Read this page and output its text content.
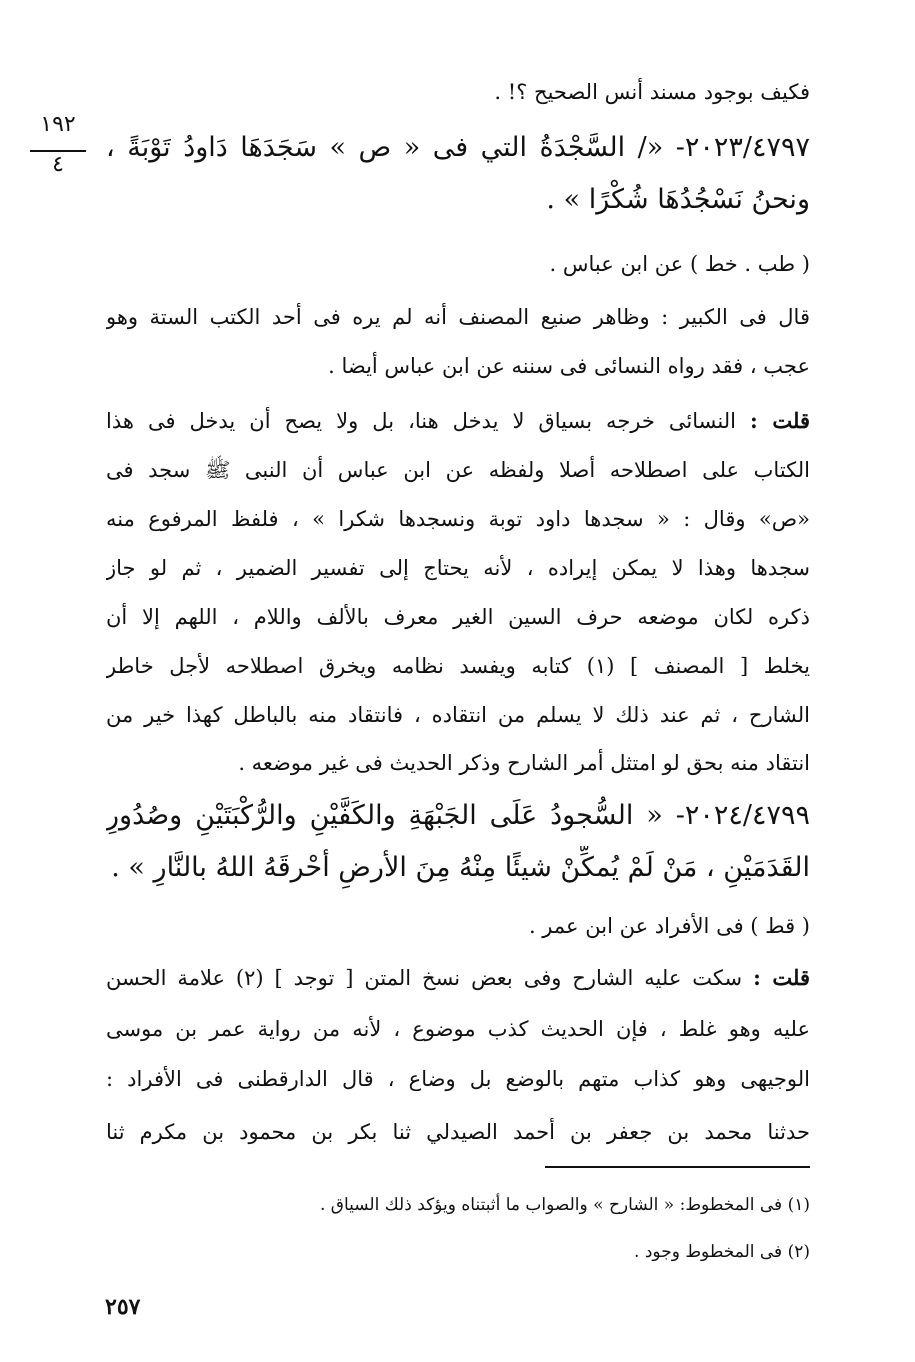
١٩٢
٤
فكيف بوجود مسند أنس الصحيح ؟! .
٢٠٢٣/٤٧٩٧- «/ السَّجْدَةُ التي فى « ص » سَجَدَهَا دَاودُ تَوْبَةً ،
ونحنُ نَسْجُدُهَا شُكْرًا » .
( طب . خط ) عن ابن عباس .
قال فى الكبير : وظاهر صنيع المصنف أنه لم يره فى أحد الكتب الستة وهو
عجب ، فقد رواه النسائى فى سننه عن ابن عباس أيضا .
قلت : النسائى خرجه بسياق لا يدخل هنا، بل ولا يصح أن يدخل فى هذا
الكتاب على اصطلاحه أصلا ولفظه عن ابن عباس أن النبى ﷺ سجد فى
«ص» وقال : « سجدها داود توبة ونسجدها شكرا » ، فلفظ المرفوع منه
سجدها وهذا لا يمكن إيراده ، لأنه يحتاج إلى تفسير الضمير ، ثم لو جاز
ذكره لكان موضعه حرف السين الغير معرف بالألف واللام ، اللهم إلا أن
يخلط [ المصنف ] (١) كتابه ويفسد نظامه ويخرق اصطلاحه لأجل خاطر
الشارح ، ثم عند ذلك لا يسلم من انتقاده ، فانتقاد منه بالباطل كهذا خير من
انتقاد منه بحق لو امتثل أمر الشارح وذكر الحديث فى غير موضعه .
٢٠٢٤/٤٧٩٩- « السُّجودُ عَلَى الجَبْهَةِ والكَفَّيْنِ والرُّكْبَتَيْنِ وصُدُورِ
القَدَمَيْنِ ، مَنْ لَمْ يُمكِّنْ شيئًا مِنْهُ مِنَ الأرضِ أحْرقَهُ اللهُ بالنَّارِ » .
( قط ) فى الأفراد عن ابن عمر .
قلت : سكت عليه الشارح وفى بعض نسخ المتن [ توجد ] (٢) علامة الحسن
عليه وهو غلط ، فإن الحديث كذب موضوع ، لأنه من رواية عمر بن موسى
الوجيهى وهو كذاب متهم بالوضع بل وضاع ، قال الدارقطنى فى الأفراد :
حدثنا محمد بن جعفر بن أحمد الصيدلي ثنا بكر بن محمود بن مكرم ثنا
(١) فى المخطوط: « الشارح » والصواب ما أثبتناه ويؤكد ذلك السياق .
(٢) فى المخطوط وجود .
٢٥٧
